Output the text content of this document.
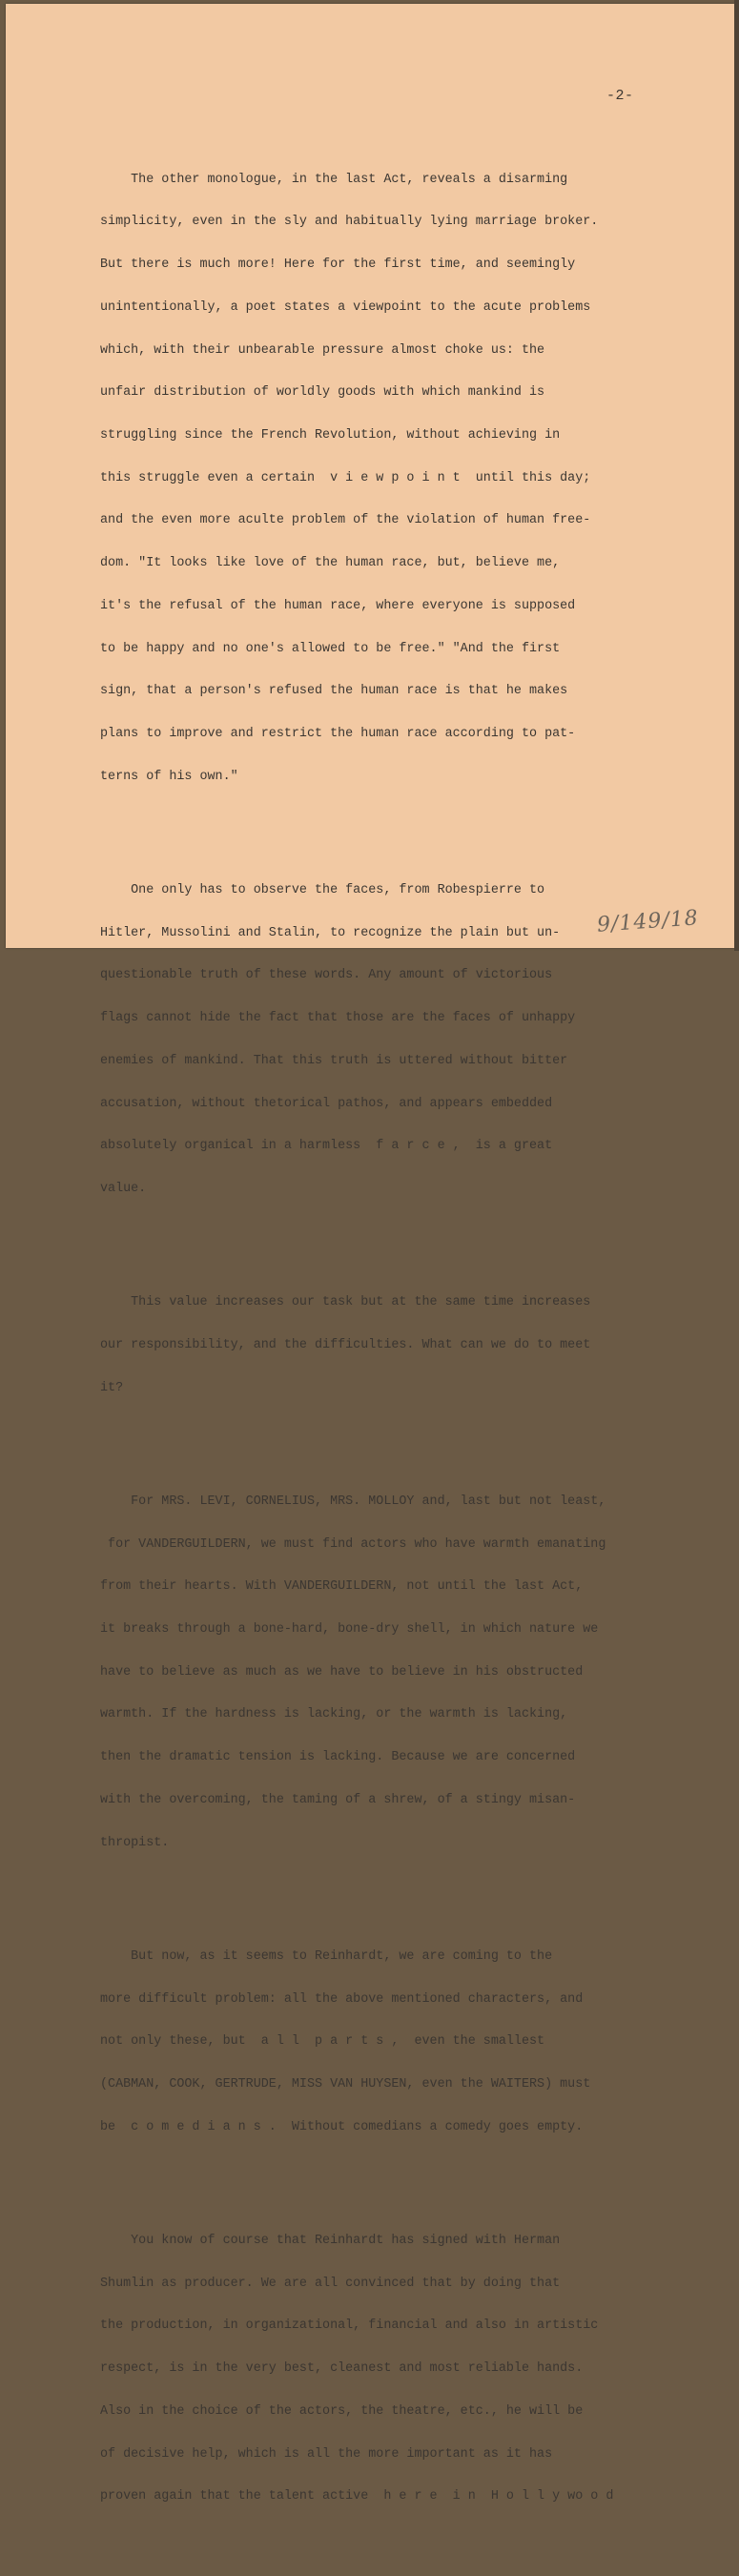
-2-

The other monologue, in the last Act, reveals a disarming

simplicity, even in the sly and habitually lying marriage broker.

But there is much more! Here for the first time, and seemingly

unintentionally, a poet states a viewpoint to the acute problems

which, with their unbearable pressure almost choke us: the

unfair distribution of worldly goods with which mankind is

struggling since the French Revolution, without achieving in

this struggle even a certain  v i e w p o i n t  until this day;

and the even more aculte problem of the violation of human free-

dom. "It looks like love of the human race, but, believe me,

it's the refusal of the human race, where everyone is supposed

to be happy and no one's allowed to be free." "And the first

sign, that a person's refused the human race is that he makes

plans to improve and restrict the human race according to pat-

terns of his own."

One only has to observe the faces, from Robespierre to

Hitler, Mussolini and Stalin, to recognize the plain but un-

questionable truth of these words. Any amount of victorious

flags cannot hide the fact that those are the faces of unhappy

enemies of mankind. That this truth is uttered without bitter

accusation, without thetorical pathos, and appears embedded

absolutely organical in a harmless  f a r c e ,  is a great

value.

This value increases our task but at the same time increases

our responsibility, and the difficulties. What can we do to meet

it?

For MRS. LEVI, CORNELIUS, MRS. MOLLOY and, last but not least,

for VANDERGUILDERN, we must find actors who have warmth emanating

from their hearts. With VANDERGUILDERN, not until the last Act,

it breaks through a bone-hard, bone-dry shell, in which nature we

have to believe as much as we have to believe in his obstructed

warmth. If the hardness is lacking, or the warmth is lacking,

then the dramatic tension is lacking. Because we are concerned

with the overcoming, the taming of a shrew, of a stingy misan-

thropist.

But now, as it seems to Reinhardt, we are coming to the

more difficult problem: all the above mentioned characters, and

not only these, but  a l l  p a r t s ,  even the smallest

(CABMAN, COOK, GERTRUDE, MISS VAN HUYSEN, even the WAITERS) must

be  c o m e d i a n s .  Without comedians a comedy goes empty.

You know of course that Reinhardt has signed with Herman

Shumlin as producer. We are all convinced that by doing that

the production, in organizational, financial and also in artistic

respect, is in the very best, cleanest and most reliable hands.

Also in the choice of the actors, the theatre, etc., he will be

of decisive help, which is all the more important as it has

proven again that the talent active  h e r e  i n  H o l l y wo o d

9/149/18
